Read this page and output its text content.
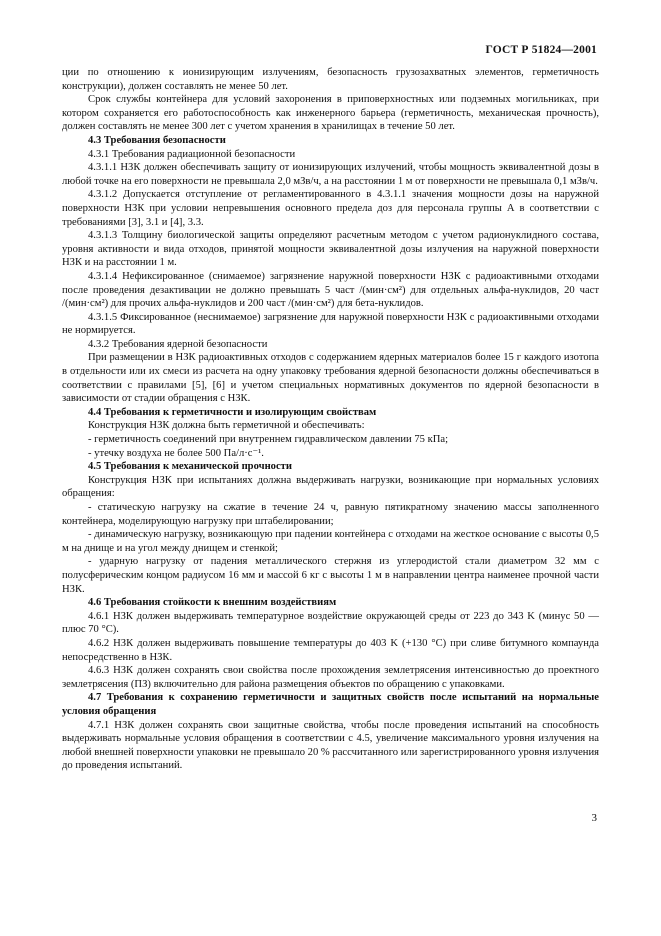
ГОСТ Р 51824—2001

ции по отношению к ионизирующим излучениям, безопасность грузозахватных элементов, герметичность конструкции), должен составлять не менее 50 лет.

Срок службы контейнера для условий захоронения в приповерхностных или подземных могильниках, при котором сохраняется его работоспособность как инженерного барьера (герметичность, механическая прочность), должен составлять не менее 300 лет с учетом хранения в хранилищах в течение 50 лет.

4.3 Требования безопасности

4.3.1 Требования радиационной безопасности

4.3.1.1 НЗК должен обеспечивать защиту от ионизирующих излучений, чтобы мощность эквивалентной дозы в любой точке на его поверхности не превышала 2,0 мЗв/ч, а на расстоянии 1 м от поверхности не превышала 0,1 мЗв/ч.

4.3.1.2 Допускается отступление от регламентированного в 4.3.1.1 значения мощности дозы на наружной поверхности НЗК при условии непревышения основного предела доз для персонала группы А в соответствии с требованиями [3], 3.1 и [4], 3.3.

4.3.1.3 Толщину биологической защиты определяют расчетным методом с учетом радионуклидного состава, уровня активности и вида отходов, принятой мощности эквивалентной дозы излучения на наружной поверхности НЗК и на расстоянии 1 м.

4.3.1.4 Нефиксированное (снимаемое) загрязнение наружной поверхности НЗК с радиоактивными отходами после проведения дезактивации не должно превышать 5 част /(мин·см²) для отдельных альфа-нуклидов, 20 част /(мин·см²) для прочих альфа-нуклидов и 200 част /(мин·см²) для бета-нуклидов.

4.3.1.5 Фиксированное (неснимаемое) загрязнение для наружной поверхности НЗК с радиоактивными отходами не нормируется.

4.3.2 Требования ядерной безопасности

При размещении в НЗК радиоактивных отходов с содержанием ядерных материалов более 15 г каждого изотопа в отдельности или их смеси из расчета на одну упаковку требования ядерной безопасности должны обеспечиваться в соответствии с правилами [5], [6] и учетом специальных нормативных документов по ядерной безопасности в зависимости от стадии обращения с НЗК.

4.4 Требования к герметичности и изолирующим свойствам

Конструкция НЗК должна быть герметичной и обеспечивать:

- герметичность соединений при внутреннем гидравлическом давлении 75 кПа;

- утечку воздуха не более 500 Па/л·с⁻¹.

4.5 Требования к механической прочности

Конструкция НЗК при испытаниях должна выдерживать нагрузки, возникающие при нормальных условиях обращения:

- статическую нагрузку на сжатие в течение 24 ч, равную пятикратному значению массы заполненного контейнера, моделирующую нагрузку при штабелировании;

- динамическую нагрузку, возникающую при падении контейнера с отходами на жесткое основание с высоты 0,5 м на днище и на угол между днищем и стенкой;

- ударную нагрузку от падения металлического стержня из углеродистой стали диаметром 32 мм с полусферическим концом радиусом 16 мм и массой 6 кг с высоты 1 м в направлении центра наименее прочной части НЗК.

4.6 Требования стойкости к внешним воздействиям

4.6.1 НЗК должен выдерживать температурное воздействие окружающей среды от 223 до 343 K (минус 50 — плюс 70 °С).

4.6.2 НЗК должен выдерживать повышение температуры до 403 K (+130 °С) при сливе битумного компаунда непосредственно в НЗК.

4.6.3 НЗК должен сохранять свои свойства после прохождения землетрясения интенсивностью до проектного землетрясения (ПЗ) включительно для района размещения объектов по обращению с упаковками.

4.7 Требования к сохранению герметичности и защитных свойств после испытаний на нормальные условия обращения

4.7.1 НЗК должен сохранять свои защитные свойства, чтобы после проведения испытаний на способность выдерживать нормальные условия обращения в соответствии с 4.5, увеличение максимального уровня излучения на любой внешней поверхности упаковки не превышало 20 % рассчитанного или зарегистрированного уровня излучения до проведения испытаний.

3
